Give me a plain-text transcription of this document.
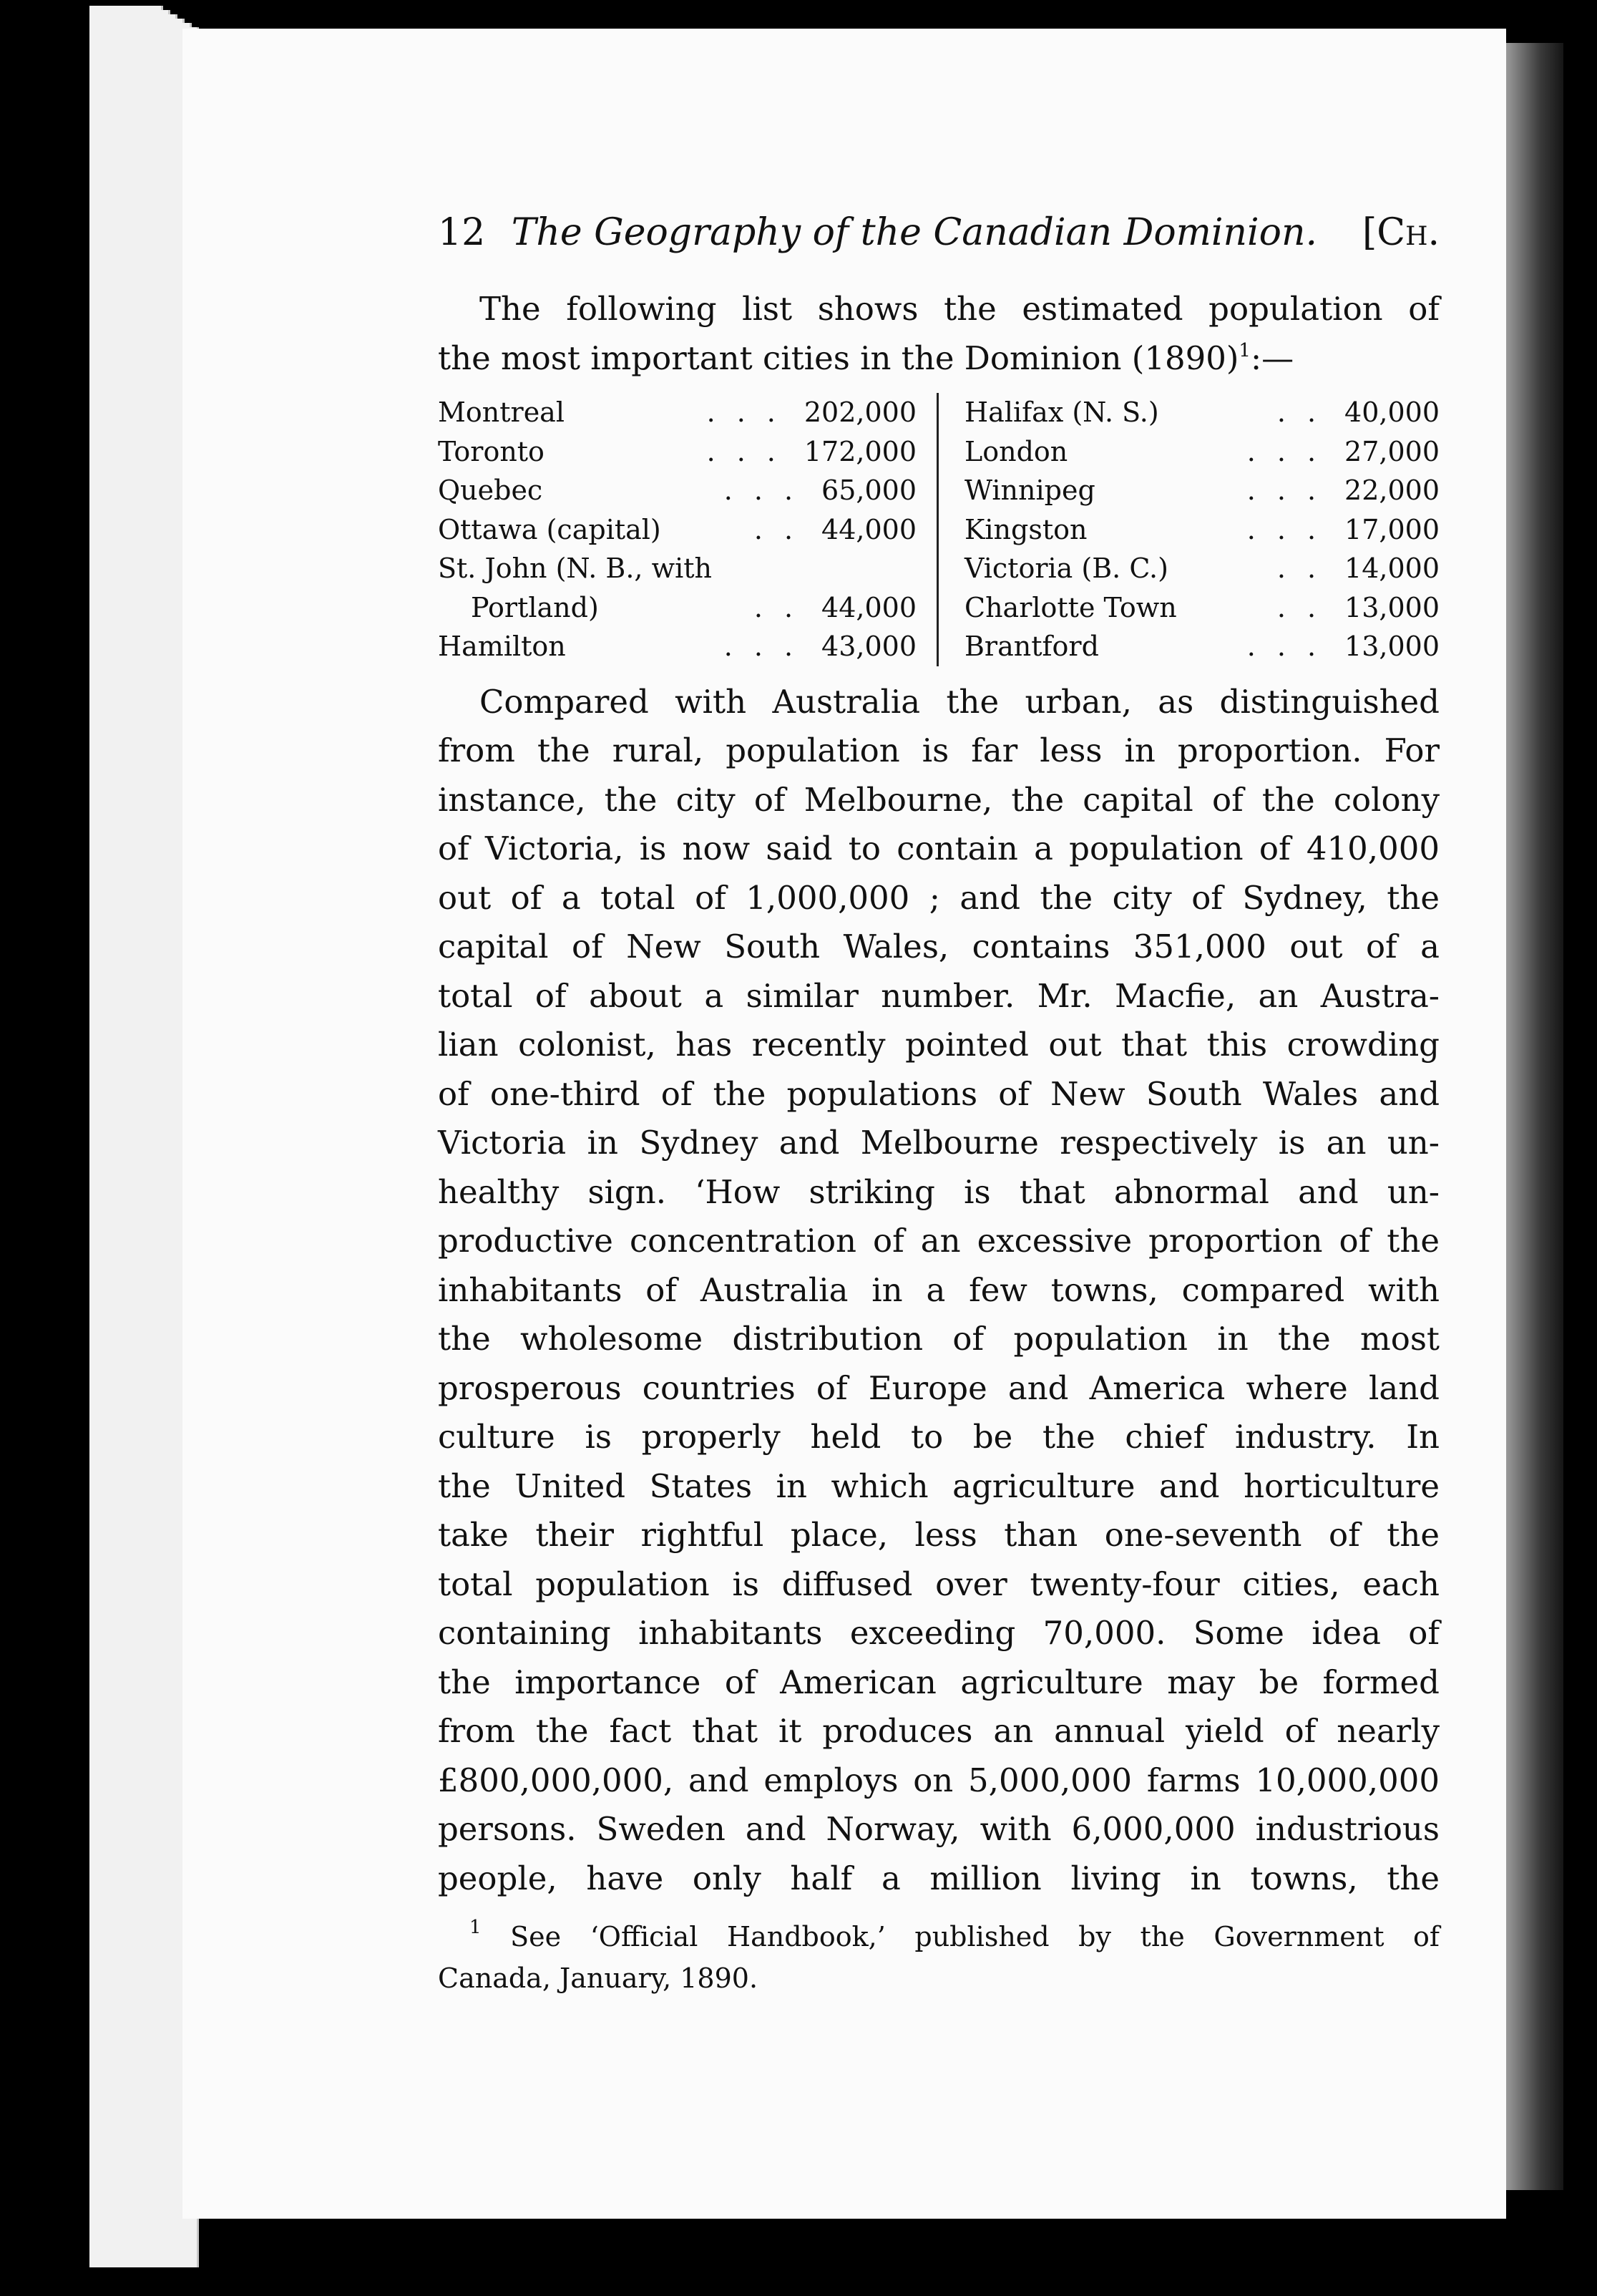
12 The Geography of the Canadian Dominion. [Ch.

The following list shows the estimated population of
the most important cities in the Dominion $(1890)^1:—$

Montreal	... 202,000
Toronto	... 172,000
Quebec	... 65,000
Ottawa (capital)	.. 44,000
St. John (N. B., with
Portland)	.. 44,000
Hamilton	... 43,000
Halifax (N. S.)	.. 40,000
London	... 27,000
Winnipeg	... 22,000
Kingston	... 17,000
Victoria (B. C.)	.. 14,000
Charlotte Town	.. 13,000
Brantford	... 13,000

Compared with Australia the urban, as distinguished
from the rural, population is far less in proportion. For
instance, the city of Melbourne, the capital of the colony
of Victoria, is now said to contain a population of 410,000
out of a total of 1,000,000 ; and the city of Sydney, the
capital of New South Wales, contains 351,000 out of a
total of about a similar number. Mr. Macfie, an Austra-
lian colonist, has recently pointed out that this crowding
of one-third of the populations of New South Wales and
Victoria in Sydney and Melbourne respectively is an un-
healthy sign. ‘How striking is that abnormal and un-
productive concentration of an excessive proportion of the
inhabitants of Australia in a few towns, compared with
the wholesome distribution of population in the most
prosperous countries of Europe and America where land
culture is properly held to be the chief industry. In
the United States in which agriculture and horticulture
take their rightful place, less than one-seventh of the
total population is diffused over twenty-four cities, each
containing inhabitants exceeding 70,000. Some idea of
the importance of American agriculture may be formed
from the fact that it produces an annual yield of nearly
£800,000,000, and employs on 5,000,000 farms 10,000,000
persons. Sweden and Norway, with 6,000,000 industrious
people, have only half a million living in towns, the

$^1$ See ‘Official Handbook,’ published by the Government of
Canada, January, 1890.
